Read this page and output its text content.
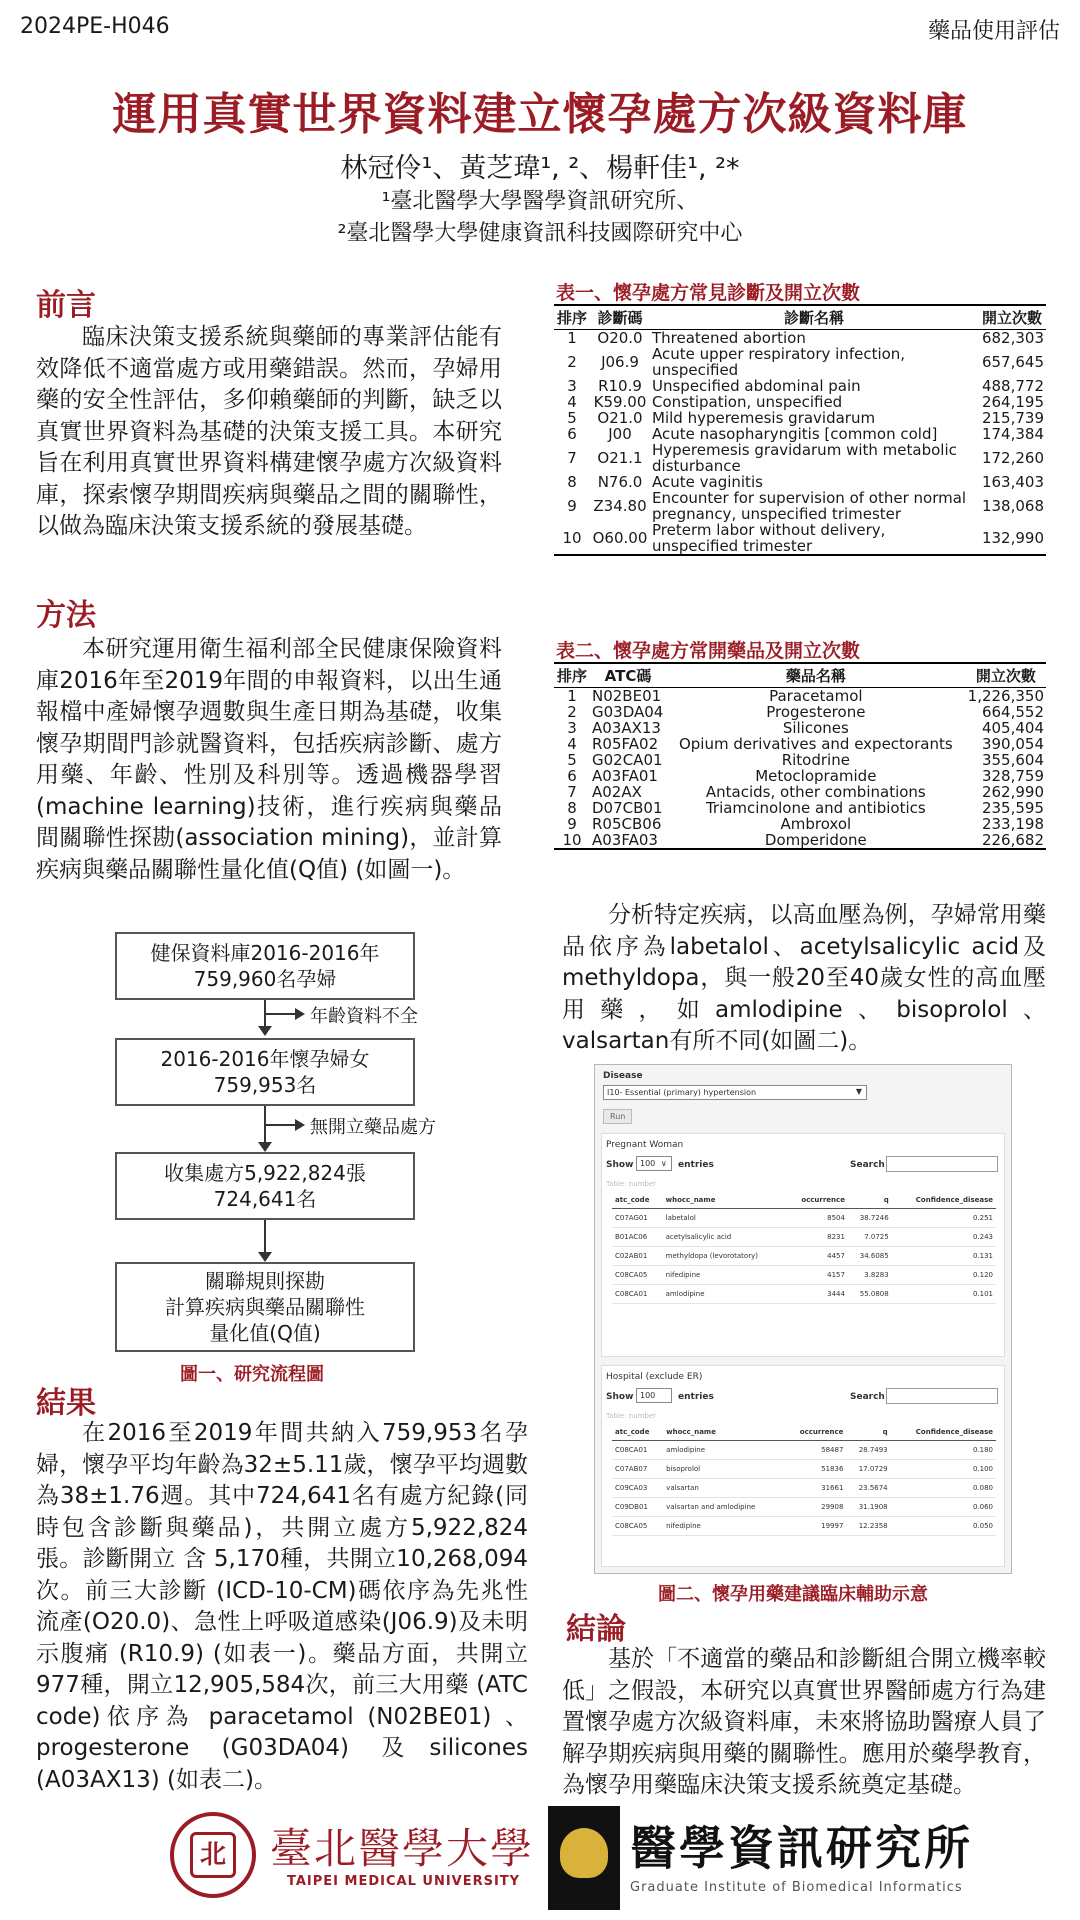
2024PE-H046	藥品使用評估
運用真實世界資料建立懷孕處方次級資料庫
林冠伶¹、黃芝瑋¹, ²、楊軒佳¹, ²*
¹臺北醫學大學醫學資訊研究所、
²臺北醫學大學健康資訊科技國際研究中心
前言
臨床決策支援系統與藥師的專業評估能有效降低不適當處方或用藥錯誤。然而，孕婦用藥的安全性評估，多仰賴藥師的判斷，缺乏以真實世界資料為基礎的決策支援工具。本研究旨在利用真實世界資料構建懷孕處方次級資料庫，探索懷孕期間疾病與藥品之間的關聯性，以做為臨床決策支援系統的發展基礎。
方法
本研究運用衛生福利部全民健康保險資料庫2016年至2019年間的申報資料，以出生通報檔中產婦懷孕週數與生產日期為基礎，收集懷孕期間門診就醫資料，包括疾病診斷、處方用藥、年齡、性別及科別等。透過機器學習(machine learning)技術，進行疾病與藥品間關聯性探勘(association mining)，並計算疾病與藥品關聯性量化值(Q值) (如圖一)。
健保資料庫2016-2016年
759,960名孕婦
年齡資料不全
2016-2016年懷孕婦女
759,953名
無開立藥品處方
收集處方5,922,824張
724,641名
關聯規則探勘
計算疾病與藥品關聯性
量化值(Q值)
圖一、研究流程圖
結果
在2016至2019年間共納入759,953名孕婦，懷孕平均年齡為32±5.11歲，懷孕平均週數為38±1.76週。其中724,641名有處方紀錄(同時包含診斷與藥品)，共開立處方5,922,824張。診斷開立 含 5,170種，共開立10,268,094次。前三大診斷 (ICD-10-CM)碼依序為先兆性流產(O20.0)、急性上呼吸道感染(J06.9)及未明示腹痛 (R10.9) (如表一)。藥品方面，共開立977種，開立12,905,584次，前三大用藥 (ATC code)依序為 paracetamol (N02BE01) 、progesterone (G03DA04) 及silicones (A03AX13) (如表二)。
表一、懷孕處方常見診斷及開立次數
排序	診斷碼	診斷名稱	開立次數
1	O20.0	Threatened abortion	682,303
2	J06.9	Acute upper respiratory infection, unspecified	657,645
3	R10.9	Unspecified abdominal pain	488,772
4	K59.00	Constipation, unspecified	264,195
5	O21.0	Mild hyperemesis gravidarum	215,739
6	J00	Acute nasopharyngitis [common cold]	174,384
7	O21.1	Hyperemesis gravidarum with metabolic disturbance	172,260
8	N76.0	Acute vaginitis	163,403
9	Z34.80	Encounter for supervision of other normal pregnancy, unspecified trimester	138,068
10	O60.00	Preterm labor without delivery, unspecified trimester	132,990
表二、懷孕處方常開藥品及開立次數
排序	ATC碼	藥品名稱	開立次數
1	N02BE01	Paracetamol	1,226,350
2	G03DA04	Progesterone	664,552
3	A03AX13	Silicones	405,404
4	R05FA02	Opium derivatives and expectorants	390,054
5	G02CA01	Ritodrine	355,604
6	A03FA01	Metoclopramide	328,759
7	A02AX	Antacids, other combinations	262,990
8	D07CB01	Triamcinolone and antibiotics	235,595
9	R05CB06	Ambroxol	233,198
10	A03FA03	Domperidone	226,682
分析特定疾病，以高血壓為例，孕婦常用藥品依序為labetalol、acetylsalicylic acid及methyldopa，與一般20至40歲女性的高血壓用藥，如amlodipine、bisoprolol、valsartan有所不同(如圖二)。
Disease
I10- Essential (primary) hypertension	▼
Run
Pregnant Woman
Show 100 ∨	entries	Search
Table: number
atc_code	whocc_name	occurrence	q	Confidence_disease
C07AG01	labetalol	8504	38.7246	0.251
B01AC06	acetylsalicylic acid	8231	7.0725	0.243
C02AB01	methyldopa (levorotatory)	4457	34.6085	0.131
C08CA05	nifedipine	4157	3.8283	0.120
C08CA01	amlodipine	3444	55.0808	0.101
Hospital (exclude ER)
Show 100	entries	Search
Table: number
atc_code	whocc_name	occurrence	q	Confidence_disease
C08CA01	amlodipine	58487	28.7493	0.180
C07AB07	bisoprolol	51836	17.0729	0.100
C09CA03	valsartan	31661	23.5674	0.080
C09DB01	valsartan and amlodipine	29908	31.1908	0.060
C08CA05	nifedipine	19997	12.2358	0.050
圖二、懷孕用藥建議臨床輔助示意
結論
基於「不適當的藥品和診斷組合開立機率較低」之假設，本研究以真實世界醫師處方行為建置懷孕處方次級資料庫，未來將協助醫療人員了解孕期疾病與用藥的關聯性。應用於藥學教育，為懷孕用藥臨床決策支援系統奠定基礎。
北 臺北醫學大學
TAIPEI MEDICAL UNIVERSITY
醫學資訊研究所
Graduate Institute of Biomedical Informatics
